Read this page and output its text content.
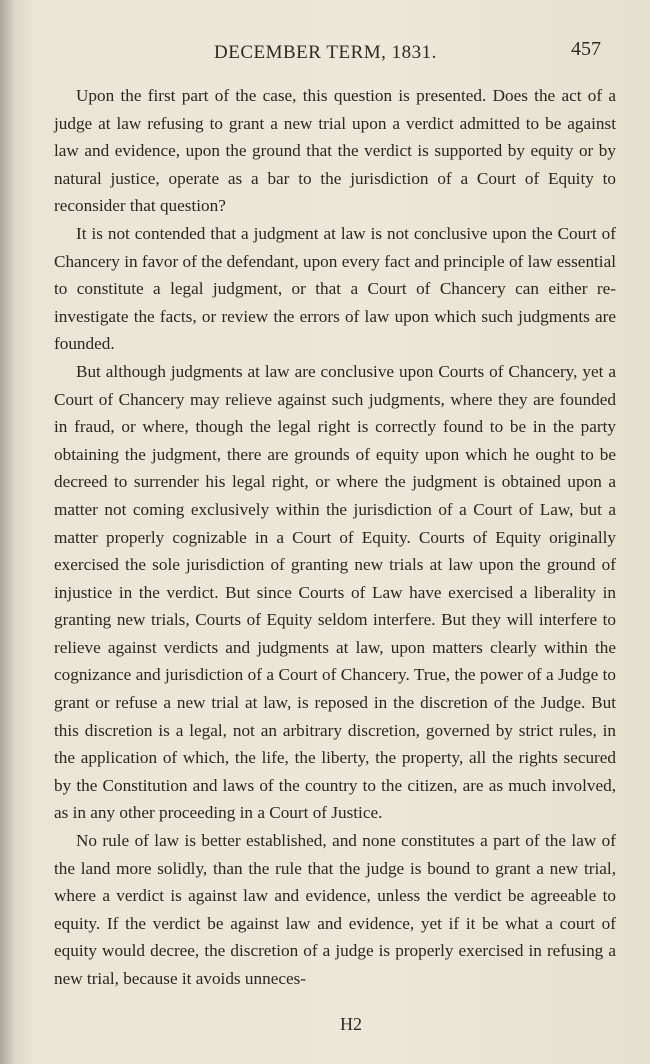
DECEMBER TERM, 1831.	457

Upon the first part of the case, this question is presented. Does the act of a judge at law refusing to grant a new trial upon a verdict admitted to be against law and evidence, upon the ground that the verdict is supported by equity or by natural justice, operate as a bar to the jurisdiction of a Court of Equity to reconsider that question?

It is not contended that a judgment at law is not conclusive upon the Court of Chancery in favor of the defendant, upon every fact and principle of law essential to constitute a legal judgment, or that a Court of Chancery can either re-investigate the facts, or review the errors of law upon which such judgments are founded.

But although judgments at law are conclusive upon Courts of Chancery, yet a Court of Chancery may relieve against such judgments, where they are founded in fraud, or where, though the legal right is correctly found to be in the party obtaining the judgment, there are grounds of equity upon which he ought to be decreed to surrender his legal right, or where the judgment is obtained upon a matter not coming exclusively within the jurisdiction of a Court of Law, but a matter properly cognizable in a Court of Equity. Courts of Equity originally exercised the sole jurisdiction of granting new trials at law upon the ground of injustice in the verdict. But since Courts of Law have exercised a liberality in granting new trials, Courts of Equity seldom interfere. But they will interfere to relieve against verdicts and judgments at law, upon matters clearly within the cognizance and jurisdiction of a Court of Chancery. True, the power of a Judge to grant or refuse a new trial at law, is reposed in the discretion of the Judge. But this discretion is a legal, not an arbitrary discretion, governed by strict rules, in the application of which, the life, the liberty, the property, all the rights secured by the Constitution and laws of the country to the citizen, are as much involved, as in any other proceeding in a Court of Justice.

No rule of law is better established, and none constitutes a part of the law of the land more solidly, than the rule that the judge is bound to grant a new trial, where a verdict is against law and evidence, unless the verdict be agreeable to equity. If the verdict be against law and evidence, yet if it be what a court of equity would decree, the discretion of a judge is properly exercised in refusing a new trial, because it avoids unneces-

H2
